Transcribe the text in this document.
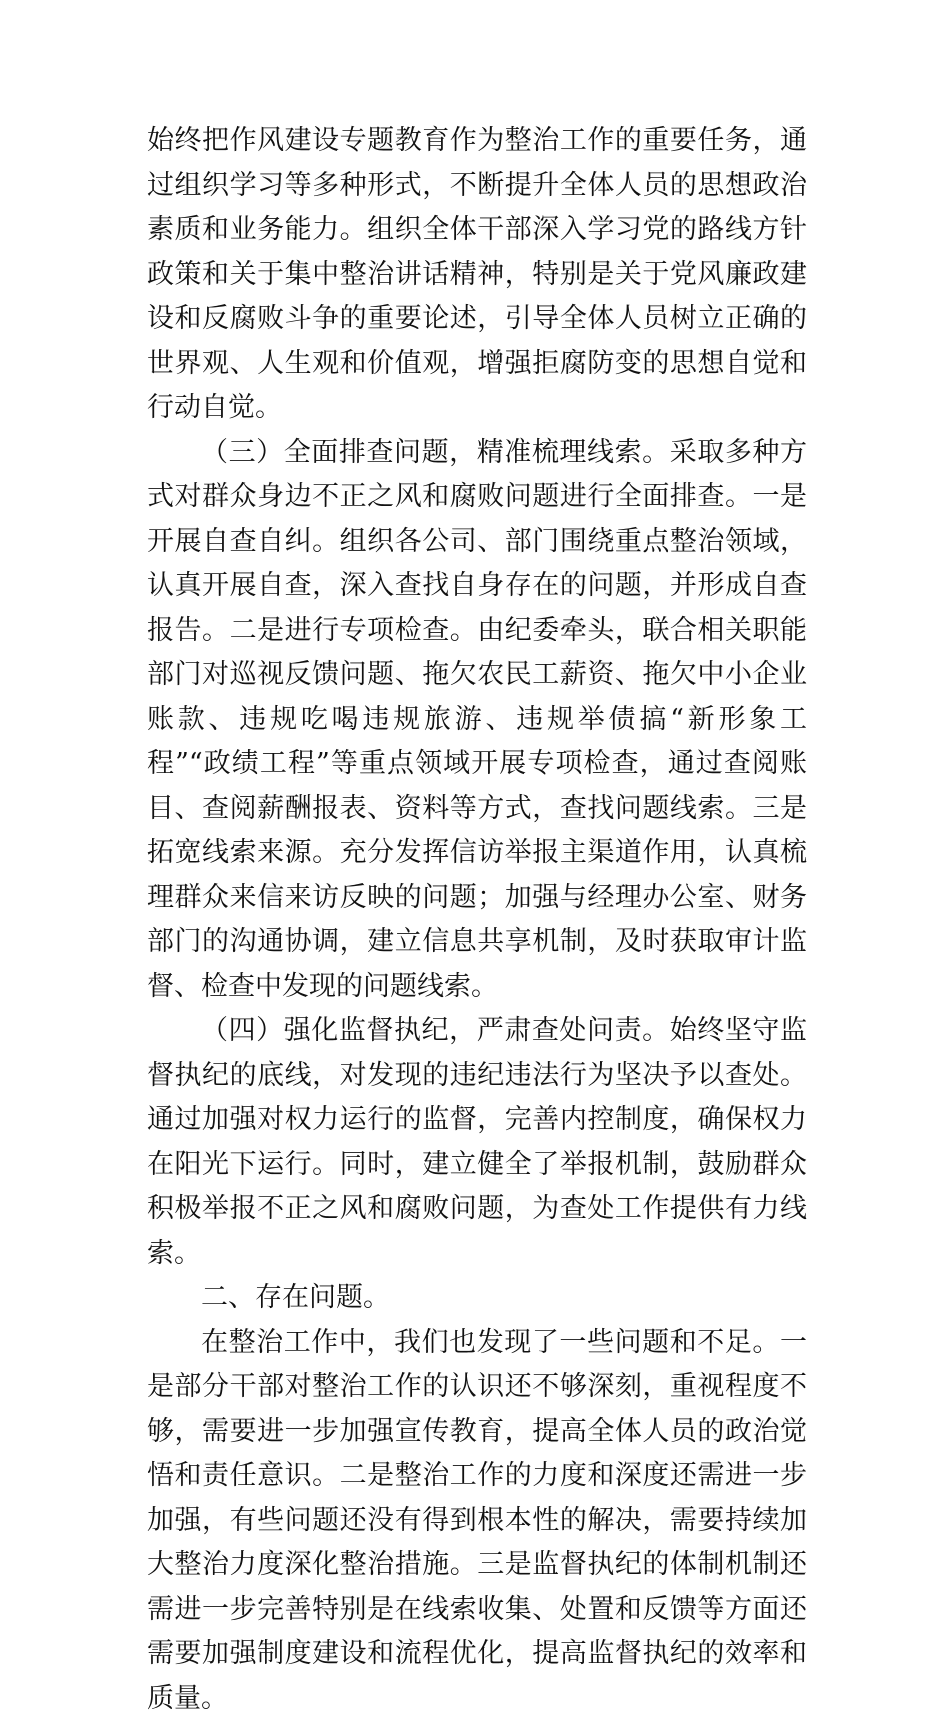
始终把作风建设专题教育作为整治工作的重要任务，通过组织学习等多种形式，不断提升全体人员的思想政治素质和业务能力。组织全体干部深入学习党的路线方针政策和关于集中整治讲话精神，特别是关于党风廉政建设和反腐败斗争的重要论述，引导全体人员树立正确的世界观、人生观和价值观，增强拒腐防变的思想自觉和行动自觉。

（三）全面排查问题，精准梳理线索。采取多种方式对群众身边不正之风和腐败问题进行全面排查。一是开展自查自纠。组织各公司、部门围绕重点整治领域，认真开展自查，深入查找自身存在的问题，并形成自查报告。二是进行专项检查。由纪委牵头，联合相关职能部门对巡视反馈问题、拖欠农民工薪资、拖欠中小企业账款、违规吃喝违规旅游、违规举债搞“新形象工程”“政绩工程”等重点领域开展专项检查，通过查阅账目、查阅薪酬报表、资料等方式，查找问题线索。三是拓宽线索来源。充分发挥信访举报主渠道作用，认真梳理群众来信来访反映的问题；加强与经理办公室、财务部门的沟通协调，建立信息共享机制，及时获取审计监督、检查中发现的问题线索。

（四）强化监督执纪，严肃查处问责。始终坚守监督执纪的底线，对发现的违纪违法行为坚决予以查处。通过加强对权力运行的监督，完善内控制度，确保权力在阳光下运行。同时，建立健全了举报机制，鼓励群众积极举报不正之风和腐败问题，为查处工作提供有力线索。

二、存在问题。

在整治工作中，我们也发现了一些问题和不足。一是部分干部对整治工作的认识还不够深刻，重视程度不够，需要进一步加强宣传教育，提高全体人员的政治觉悟和责任意识。二是整治工作的力度和深度还需进一步加强，有些问题还没有得到根本性的解决，需要持续加大整治力度深化整治措施。三是监督执纪的体制机制还需进一步完善特别是在线索收集、处置和反馈等方面还需要加强制度建设和流程优化，提高监督执纪的效率和质量。
